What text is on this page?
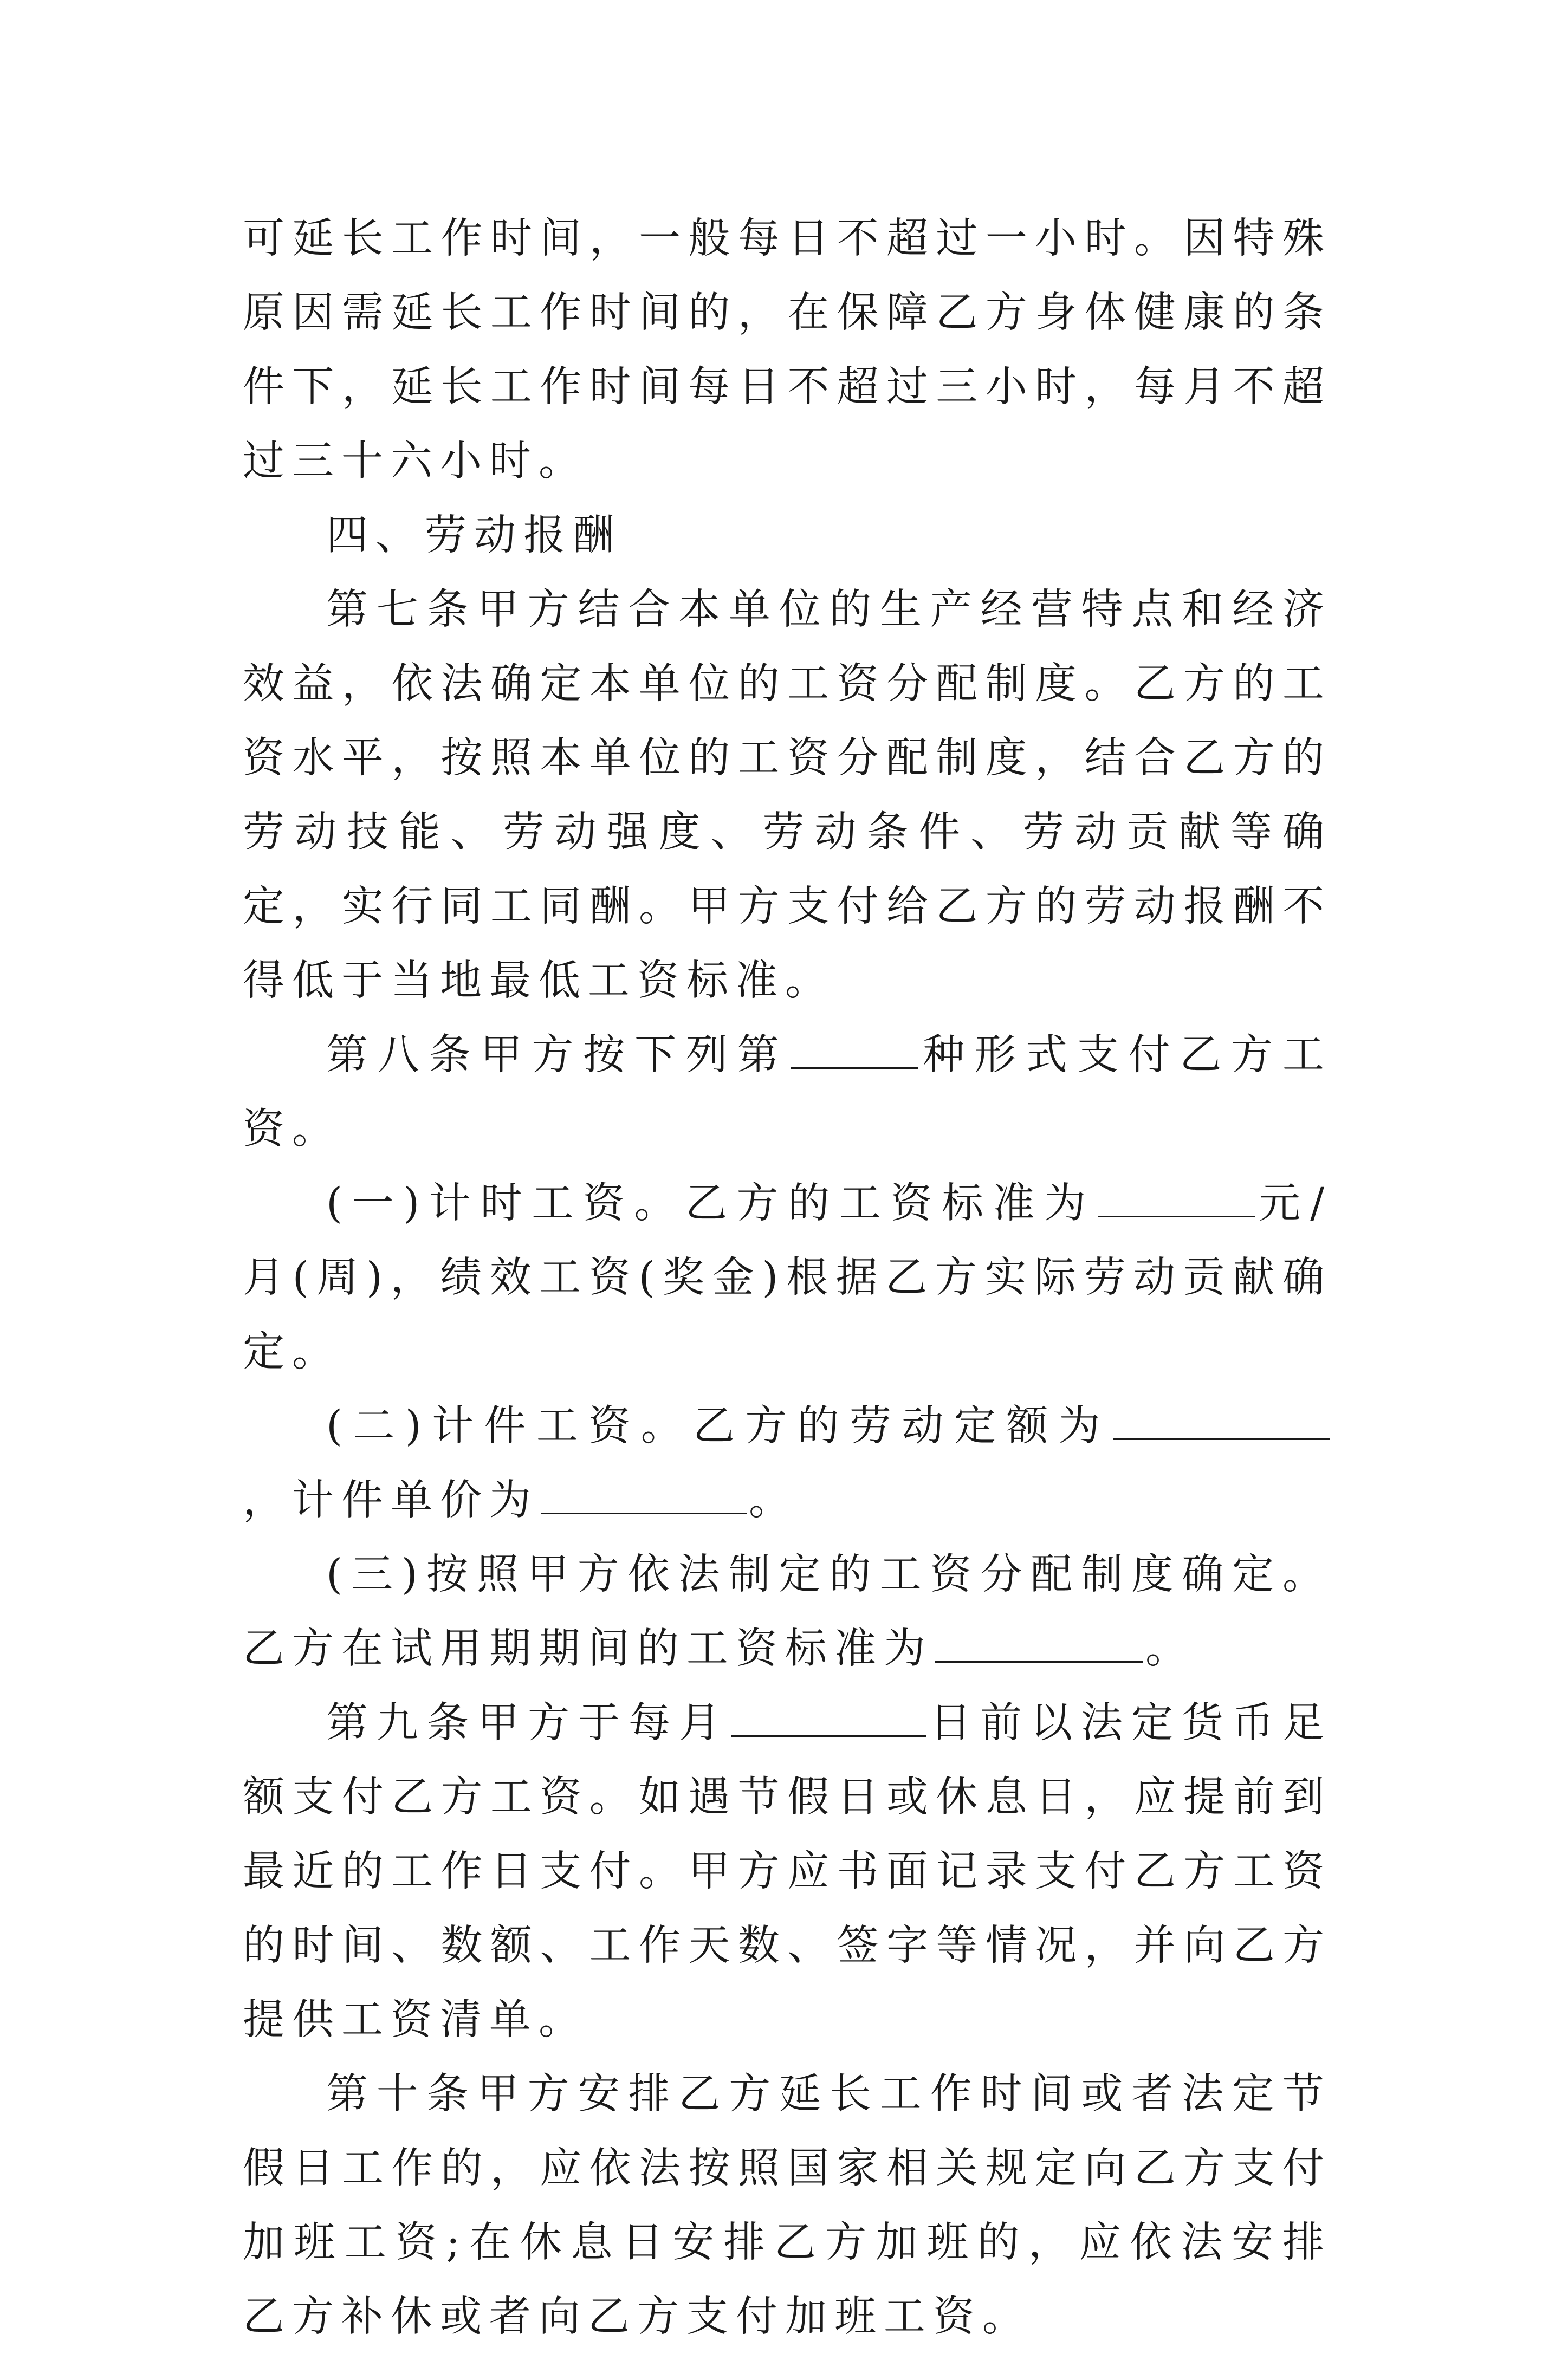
可延长工作时间，一般每日不超过一小时。因特殊原因需延长工作时间的，在保障乙方身体健康的条件下，延长工作时间每日不超过三小时，每月不超过三十六小时。

四、劳动报酬

第七条甲方结合本单位的生产经营特点和经济效益，依法确定本单位的工资分配制度。乙方的工资水平，按照本单位的工资分配制度，结合乙方的劳动技能、劳动强度、劳动条件、劳动贡献等确定，实行同工同酬。甲方支付给乙方的劳动报酬不得低于当地最低工资标准。

第八条甲方按下列第	种形式支付乙方工资。

(一)计时工资。乙方的工资标准为	元/月(周)，绩效工资(奖金)根据乙方实际劳动贡献确定。

(二)计件工资。乙方的劳动定额为，计件单价为	。

(三)按照甲方依法制定的工资分配制度确定。乙方在试用期期间的工资标准为	。

第九条甲方于每月	日前以法定货币足额支付乙方工资。如遇节假日或休息日，应提前到最近的工作日支付。甲方应书面记录支付乙方工资的时间、数额、工作天数、签字等情况，并向乙方提供工资清单。

第十条甲方安排乙方延长工作时间或者法定节假日工作的，应依法按照国家相关规定向乙方支付加班工资;在休息日安排乙方加班的，应依法安排乙方补休或者向乙方支付加班工资。
